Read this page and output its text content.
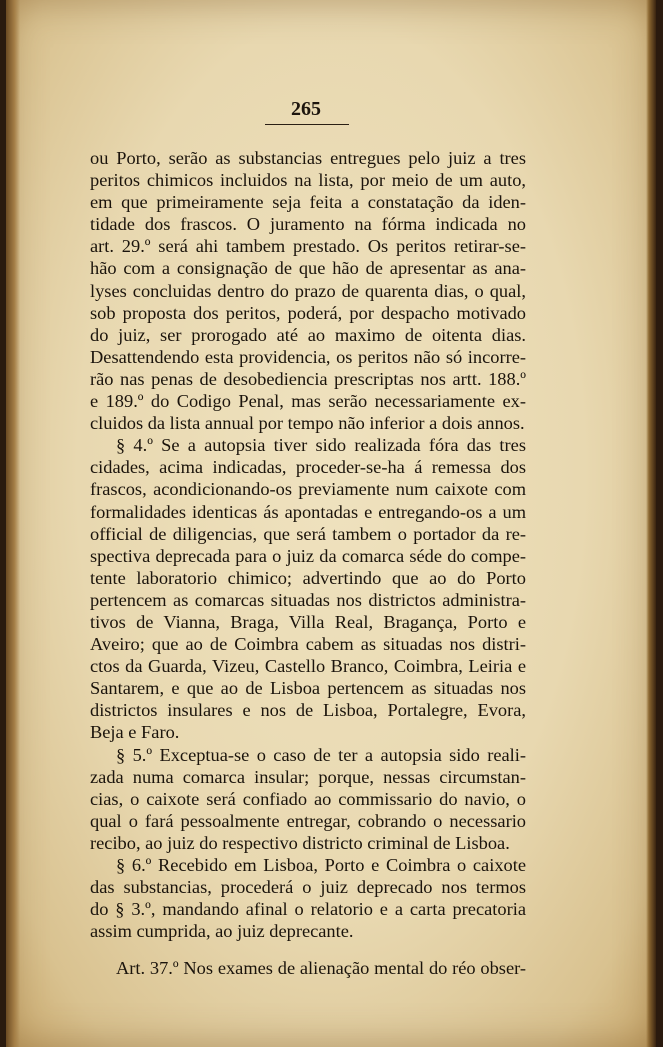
265
ou Porto, serão as substancias entregues pelo juiz a tres
peritos chimicos incluidos na lista, por meio de um auto,
em que primeiramente seja feita a constatação da iden-
tidade dos frascos. O juramento na fórma indicada no
art. 29.º será ahi tambem prestado. Os peritos retirar-se-
hão com a consignação de que hão de apresentar as ana-
lyses concluidas dentro do prazo de quarenta dias, o qual,
sob proposta dos peritos, poderá, por despacho motivado
do juiz, ser prorogado até ao maximo de oitenta dias.
Desattendendo esta providencia, os peritos não só incorre-
rão nas penas de desobediencia prescriptas nos artt. 188.º
e 189.º do Codigo Penal, mas serão necessariamente ex-
cluidos da lista annual por tempo não inferior a dois annos.
§ 4.º Se a autopsia tiver sido realizada fóra das tres
cidades, acima indicadas, proceder-se-ha á remessa dos
frascos, acondicionando-os previamente num caixote com
formalidades identicas ás apontadas e entregando-os a um
official de diligencias, que será tambem o portador da re-
spectiva deprecada para o juiz da comarca séde do compe-
tente laboratorio chimico; advertindo que ao do Porto
pertencem as comarcas situadas nos districtos administra-
tivos de Vianna, Braga, Villa Real, Bragança, Porto e
Aveiro; que ao de Coimbra cabem as situadas nos distri-
ctos da Guarda, Vizeu, Castello Branco, Coimbra, Leiria e
Santarem, e que ao de Lisboa pertencem as situadas nos
districtos insulares e nos de Lisboa, Portalegre, Evora,
Beja e Faro.
§ 5.º Exceptua-se o caso de ter a autopsia sido reali-
zada numa comarca insular; porque, nessas circumstan-
cias, o caixote será confiado ao commissario do navio, o
qual o fará pessoalmente entregar, cobrando o necessario
recibo, ao juiz do respectivo districto criminal de Lisboa.
§ 6.º Recebido em Lisboa, Porto e Coimbra o caixote
das substancias, procederá o juiz deprecado nos termos
do § 3.º, mandando afinal o relatorio e a carta precatoria
assim cumprida, ao juiz deprecante.
Art. 37.º Nos exames de alienação mental do réo obser-
